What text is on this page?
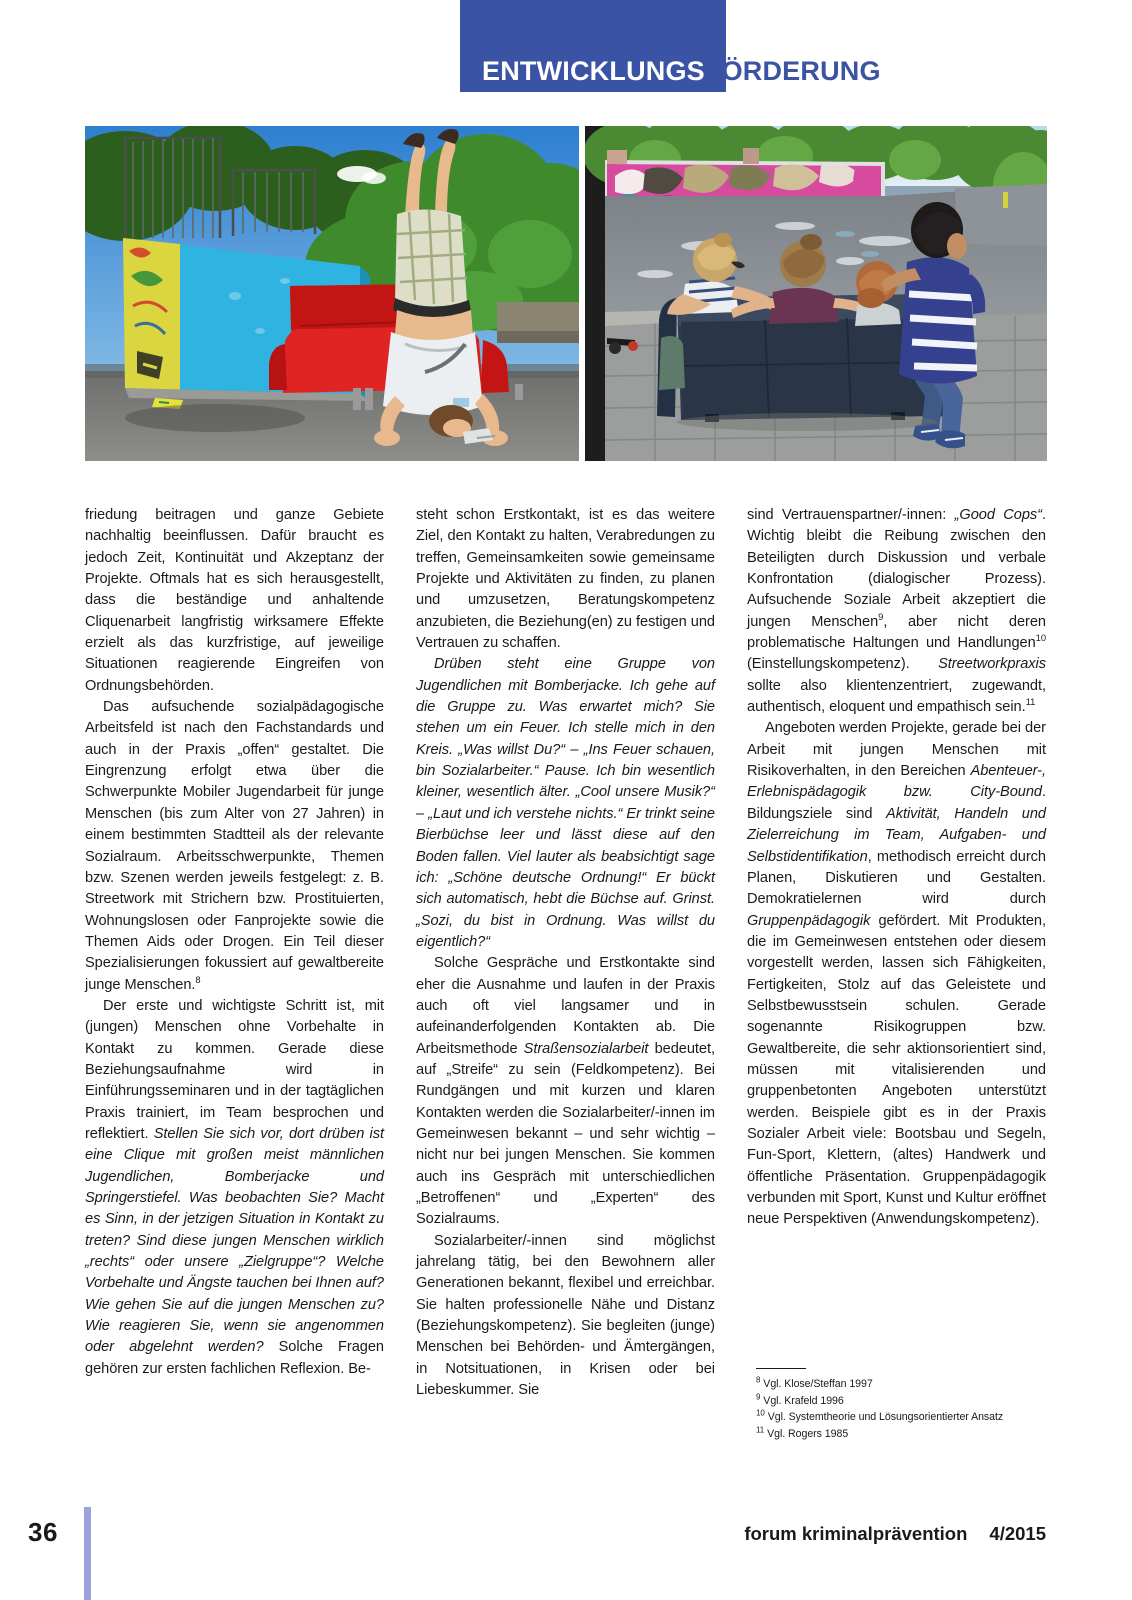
ENTWICKLUNGSFÖRDERUNG

friedung beitragen und ganze Gebiete nachhaltig beeinflussen. Dafür braucht es jedoch Zeit, Kontinuität und Akzeptanz der Projekte. Oftmals hat es sich herausgestellt, dass die beständige und anhaltende Cliquenarbeit langfristig wirksamere Effekte erzielt als das kurzfristige, auf jeweilige Situationen reagierende Eingreifen von Ordnungsbehörden.

Das aufsuchende sozialpädagogische Arbeitsfeld ist nach den Fachstandards und auch in der Praxis „offen“ gestaltet. Die Eingrenzung erfolgt etwa über die Schwerpunkte Mobiler Jugendarbeit für junge Menschen (bis zum Alter von 27 Jahren) in einem bestimmten Stadtteil als der relevante Sozialraum. Arbeitsschwerpunkte, Themen bzw. Szenen werden jeweils festgelegt: z. B. Streetwork mit Strichern bzw. Prostituierten, Wohnungslosen oder Fanprojekte sowie die Themen Aids oder Drogen. Ein Teil dieser Spezialisierungen fokussiert auf gewaltbereite junge Menschen.$^8$

Der erste und wichtigste Schritt ist, mit (jungen) Menschen ohne Vorbehalte in Kontakt zu kommen. Gerade diese Beziehungsaufnahme wird in Einführungsseminaren und in der tagtäglichen Praxis trainiert, im Team besprochen und reflektiert. Stellen Sie sich vor, dort drüben ist eine Clique mit großen meist männlichen Jugendlichen, Bomberjacke und Springerstiefel. Was beobachten Sie? Macht es Sinn, in der jetzigen Situation in Kontakt zu treten? Sind diese jungen Menschen wirklich „rechts“ oder unsere „Zielgruppe“? Welche Vorbehalte und Ängste tauchen bei Ihnen auf? Wie gehen Sie auf die jungen Menschen zu? Wie reagieren Sie, wenn sie angenommen oder abgelehnt werden? Solche Fragen gehören zur ersten fachlichen Reflexion. Be-

steht schon Erstkontakt, ist es das weitere Ziel, den Kontakt zu halten, Verabredungen zu treffen, Gemeinsamkeiten sowie gemeinsame Projekte und Aktivitäten zu finden, zu planen und umzusetzen, Beratungskompetenz anzubieten, die Beziehung(en) zu festigen und Vertrauen zu schaffen.

Drüben steht eine Gruppe von Jugendlichen mit Bomberjacke. Ich gehe auf die Gruppe zu. Was erwartet mich? Sie stehen um ein Feuer. Ich stelle mich in den Kreis. „Was willst Du?“ – „Ins Feuer schauen, bin Sozialarbeiter.“ Pause. Ich bin wesentlich kleiner, wesentlich älter. „Cool unsere Musik?“ – „Laut und ich verstehe nichts.“ Er trinkt seine Bierbüchse leer und lässt diese auf den Boden fallen. Viel lauter als beabsichtigt sage ich: „Schöne deutsche Ordnung!“ Er bückt sich automatisch, hebt die Büchse auf. Grinst. „Sozi, du bist in Ordnung. Was willst du eigentlich?“

Solche Gespräche und Erstkontakte sind eher die Ausnahme und laufen in der Praxis auch oft viel langsamer und in aufeinanderfolgenden Kontakten ab. Die Arbeitsmethode Straßensozialarbeit bedeutet, auf „Streife“ zu sein (Feldkompetenz). Bei Rundgängen und mit kurzen und klaren Kontakten werden die Sozialarbeiter/-innen im Gemeinwesen bekannt – und sehr wichtig – nicht nur bei jungen Menschen. Sie kommen auch ins Gespräch mit unterschiedlichen „Betroffenen“ und „Experten“ des Sozialraums.

Sozialarbeiter/-innen sind möglichst jahrelang tätig, bei den Bewohnern aller Generationen bekannt, flexibel und erreichbar. Sie halten professionelle Nähe und Distanz (Beziehungskompetenz). Sie begleiten (junge) Menschen bei Behörden- und Ämtergängen, in Notsituationen, in Krisen oder bei Liebeskummer. Sie

sind Vertrauenspartner/-innen: „Good Cops“. Wichtig bleibt die Reibung zwischen den Beteiligten durch Diskussion und verbale Konfrontation (dialogischer Prozess). Aufsuchende Soziale Arbeit akzeptiert die jungen Menschen$^9$, aber nicht deren problematische Haltungen und Handlungen$^{10}$ (Einstellungskompetenz). Streetworkpraxis sollte also klientenzentriert, zugewandt, authentisch, eloquent und empathisch sein.$^{11}$

Angeboten werden Projekte, gerade bei der Arbeit mit jungen Menschen mit Risikoverhalten, in den Bereichen Abenteuer-, Erlebnispädagogik bzw. City-Bound. Bildungsziele sind Aktivität, Handeln und Zielerreichung im Team, Aufgaben- und Selbstidentifikation, methodisch erreicht durch Planen, Diskutieren und Gestalten. Demokratielernen wird durch Gruppenpädagogik gefördert. Mit Produkten, die im Gemeinwesen entstehen oder diesem vorgestellt werden, lassen sich Fähigkeiten, Fertigkeiten, Stolz auf das Geleistete und Selbstbewusstsein schulen. Gerade sogenannte Risikogruppen bzw. Gewaltbereite, die sehr aktionsorientiert sind, müssen mit vitalisierenden und gruppenbetonten Angeboten unterstützt werden. Beispiele gibt es in der Praxis Sozialer Arbeit viele: Bootsbau und Segeln, Fun-Sport, Klettern, (altes) Handwerk und öffentliche Präsentation. Gruppenpädagogik verbunden mit Sport, Kunst und Kultur eröffnet neue Perspektiven (Anwendungskompetenz).

$^8$ Vgl. Klose/Steffan 1997
$^9$ Vgl. Krafeld 1996
$^{10}$ Vgl. Systemtheorie und Lösungsorientierter Ansatz
$^{11}$ Vgl. Rogers 1985
36	forum kriminalprävention 4/2015
